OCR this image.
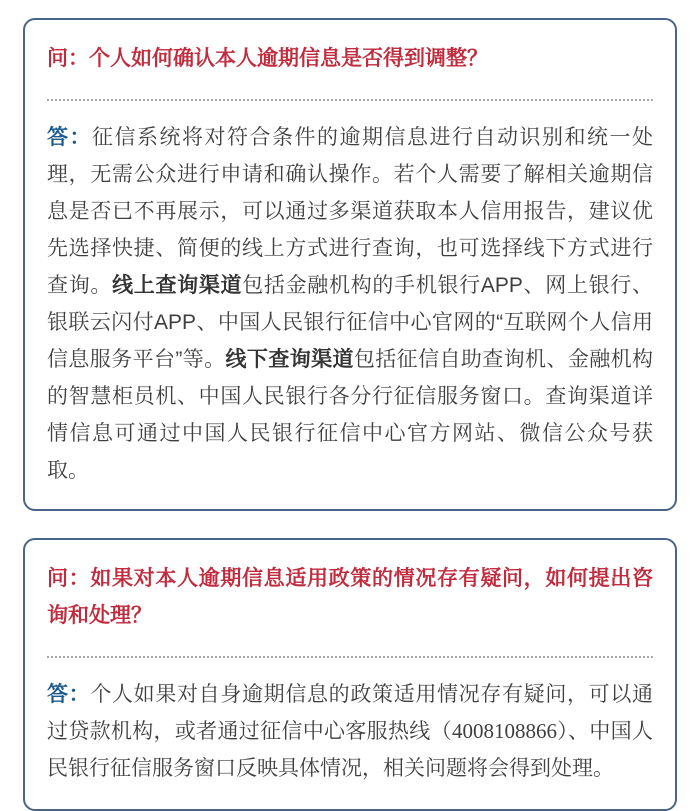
问：个人如何确认本人逾期信息是否得到调整？

答：征信系统将对符合条件的逾期信息进行自动识别和统一处理，无需公众进行申请和确认操作。若个人需要了解相关逾期信息是否已不再展示，可以通过多渠道获取本人信用报告，建议优先选择快捷、简便的线上方式进行查询，也可选择线下方式进行查询。线上查询渠道包括金融机构的手机银行APP、网上银行、银联云闪付APP、中国人民银行征信中心官网的“互联网个人信用信息服务平台”等。线下查询渠道包括征信自助查询机、金融机构的智慧柜员机、中国人民银行各分行征信服务窗口。查询渠道详情信息可通过中国人民银行征信中心官方网站、微信公众号获取。

问：如果对本人逾期信息适用政策的情况存有疑问，如何提出咨询和处理？

答：个人如果对自身逾期信息的政策适用情况存有疑问，可以通过贷款机构，或者通过征信中心客服热线（4008108866）、中国人民银行征信服务窗口反映具体情况，相关问题将会得到处理。
